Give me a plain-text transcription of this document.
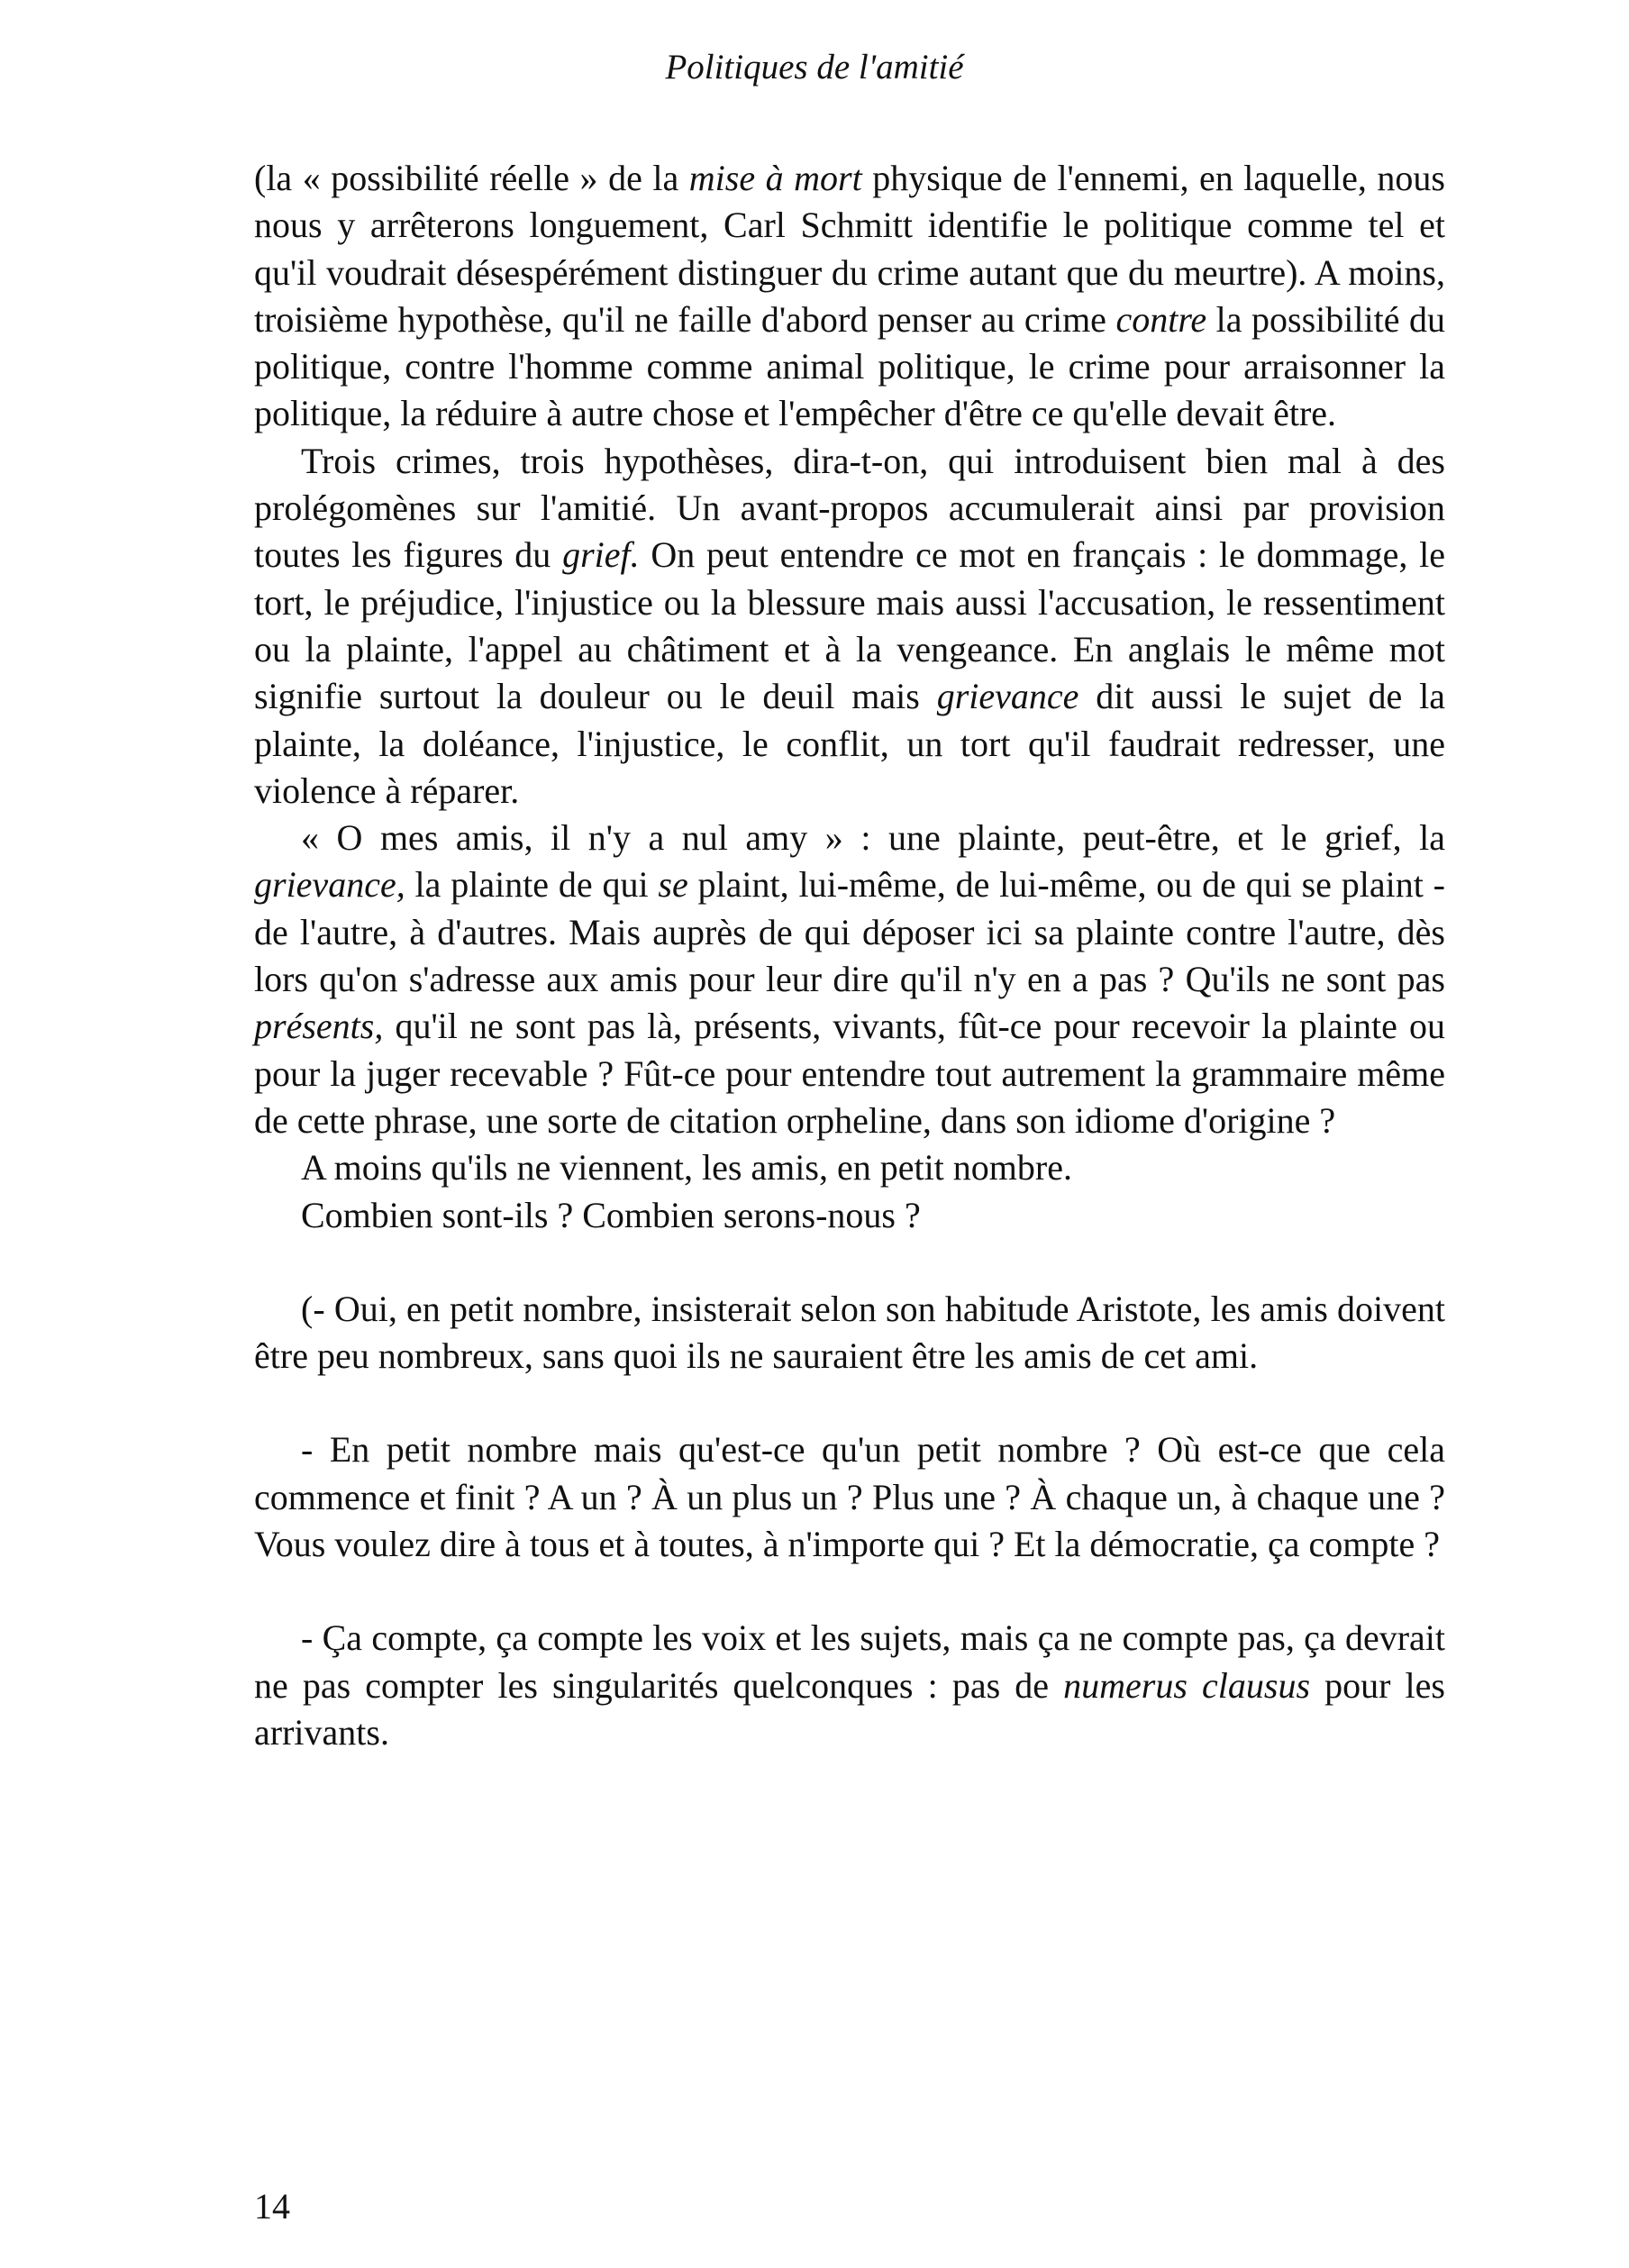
Politiques de l'amitié

(la « possibilité réelle » de la mise à mort physique de l'ennemi, en laquelle, nous nous y arrêterons longuement, Carl Schmitt identifie le politique comme tel et qu'il voudrait désespérément distinguer du crime autant que du meurtre). A moins, troisième hypothèse, qu'il ne faille d'abord penser au crime contre la possibilité du politique, contre l'homme comme animal politique, le crime pour arraisonner la politique, la réduire à autre chose et l'empêcher d'être ce qu'elle devait être.

Trois crimes, trois hypothèses, dira-t-on, qui introduisent bien mal à des prolégomènes sur l'amitié. Un avant-propos accumulerait ainsi par provision toutes les figures du grief. On peut entendre ce mot en français : le dommage, le tort, le préjudice, l'injustice ou la blessure mais aussi l'accusation, le ressentiment ou la plainte, l'appel au châtiment et à la vengeance. En anglais le même mot signifie surtout la douleur ou le deuil mais grievance dit aussi le sujet de la plainte, la doléance, l'injustice, le conflit, un tort qu'il faudrait redresser, une violence à réparer.

« O mes amis, il n'y a nul amy » : une plainte, peut-être, et le grief, la grievance, la plainte de qui se plaint, lui-même, de lui-même, ou de qui se plaint - de l'autre, à d'autres. Mais auprès de qui déposer ici sa plainte contre l'autre, dès lors qu'on s'adresse aux amis pour leur dire qu'il n'y en a pas ? Qu'ils ne sont pas présents, qu'il ne sont pas là, présents, vivants, fût-ce pour recevoir la plainte ou pour la juger recevable ? Fût-ce pour entendre tout autrement la grammaire même de cette phrase, une sorte de citation orpheline, dans son idiome d'origine ?

A moins qu'ils ne viennent, les amis, en petit nombre.

Combien sont-ils ? Combien serons-nous ?

(- Oui, en petit nombre, insisterait selon son habitude Aristote, les amis doivent être peu nombreux, sans quoi ils ne sauraient être les amis de cet ami.

- En petit nombre mais qu'est-ce qu'un petit nombre ? Où est-ce que cela commence et finit ? A un ? À un plus un ? Plus une ? À chaque un, à chaque une ? Vous voulez dire à tous et à toutes, à n'importe qui ? Et la démocratie, ça compte ?

- Ça compte, ça compte les voix et les sujets, mais ça ne compte pas, ça devrait ne pas compter les singularités quelconques : pas de numerus clausus pour les arrivants.

14
